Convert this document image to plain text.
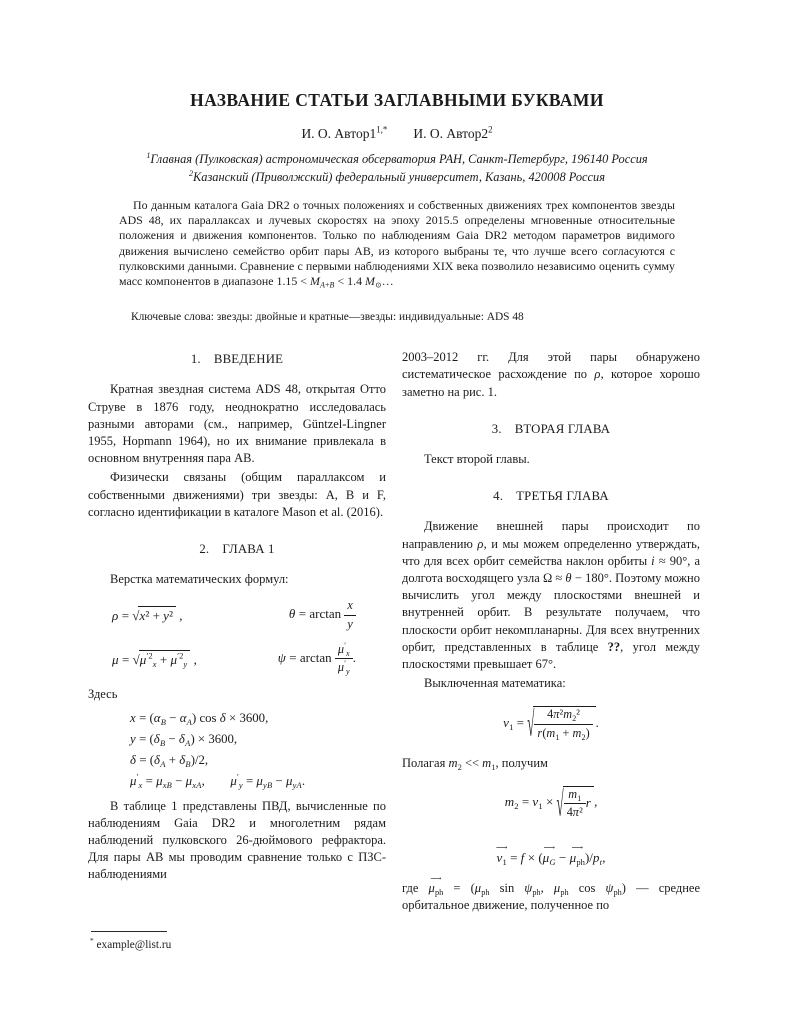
НАЗВАНИЕ СТАТЬИ ЗАГЛАВНЫМИ БУКВАМИ
И. О. $Автор1^{1,*}$ И. О. $Автор2^2$
$^1$Главная (Пулковская) астрономическая обсерватория РАН, Санкт-Петербург, 196140 Россия
$^2$Казанский (Приволжский) федеральный университет, Казань, 420008 Россия
По данным каталога Gaia DR2 о точных положениях и собственных движениях трех компонентов звезды ADS 48, их параллаксах и лучевых скоростях на эпоху 2015.5 определены мгновенные относительные положения и движения компонентов. Только по наблюдениям Gaia DR2 методом параметров видимого движения вычислено семейство орбит пары AB, из которого выбраны те, что лучше всего согласуются с пулковскими данными. Сравнение с первыми наблюдениями XIX века позволило независимо оценить сумму масс компонентов в диапазоне $1.15 < M_{A+B} < 1.4$ $M_⊙\dots$
Ключевые слова: звезды: двойные и кратные—звезды: индивидуальные: ADS 48
1. ВВЕДЕНИЕ

Кратная звездная система ADS 48, открытая Отто Струве в 1876 году, неоднократно исследовалась разными авторами (см., например, Güntzel-Lingner 1955, Hopmann 1964), но их внимание привлекала в основном внутренняя пара AB.

Физически связаны (общим параллаксом и собственными движениями) три звезды: A, B и F, согласно идентификации в каталоге Mason et al. (2016).

2. ГЛАВА 1

Верстка математических формул:

ρ = √x² + y² ,	$\theta = \arctan \frac{x}{y}$
$\mu = √\mu^{'2}_x + \mu^{'2}_y$ ,	$\psi = \arctan \frac{\mu'_x}{\mu'_y}$ .

Здесь

$x = (\alpha_B - \alpha_A)$ cos δ × 3600,
$y = (\delta_B - \delta_A) \times 3600$,
$\delta = (\delta_A + \delta_B)/2$,
$\mu'_x = \mu_{xB} - \mu_{xA}$,  $\mu'_y = \mu_{yB} - \mu_{yA}$.

В таблице 1 представлены ПВД, вычисленные по наблюдениям Gaia DR2 и многолетним рядам наблюдений пулковского 26-дюймового рефрактора. Для пары AB мы проводим сравнение только с ПЗС-наблюдениями

2003–2012 гг. Для этой пары обнаружено систематическое расхождение по ρ, которое хорошо заметно на рис. 1.

3. ВТОРАЯ ГЛАВА

Текст второй главы.

4. ТРЕТЬЯ ГЛАВА

Движение внешней пары происходит по направлению ρ, и мы можем определенно утверждать, что для всех орбит семейства наклон орбиты i ≈ 90°, а долгота восходящего узла Ω ≈ θ − 180°. Поэтому можно вычислить угол между плоскостями внешней и внутренней орбит. В результате получаем, что плоскости орбит некомпланарны. Для всех внутренних орбит, представленных в таблице ??, угол между плоскостями превышает 67°.

Выключенная математика:

$v_1$ = √ $\frac{4\pi^2m_2^2}{r(m_1 + m_2)}$ .

Полагая $m_2 << m_1$, получим

$m_2 = v_1$ × √ $\frac{m_1}{\text{4π²}}$ r ,
⟶
$v_1 = f$ × (
⟶
$\mu_G$ −
⟶
$\mu_{ph})/p_t$,

где
⟶
$\mu_{ph} = (\mu_{ph}$ $\sin \psi_{ph}$, $\mu_{ph}$ $\cos \psi_{ph}$) — среднее орбитальное движение, полученное по

* example@list.ru
